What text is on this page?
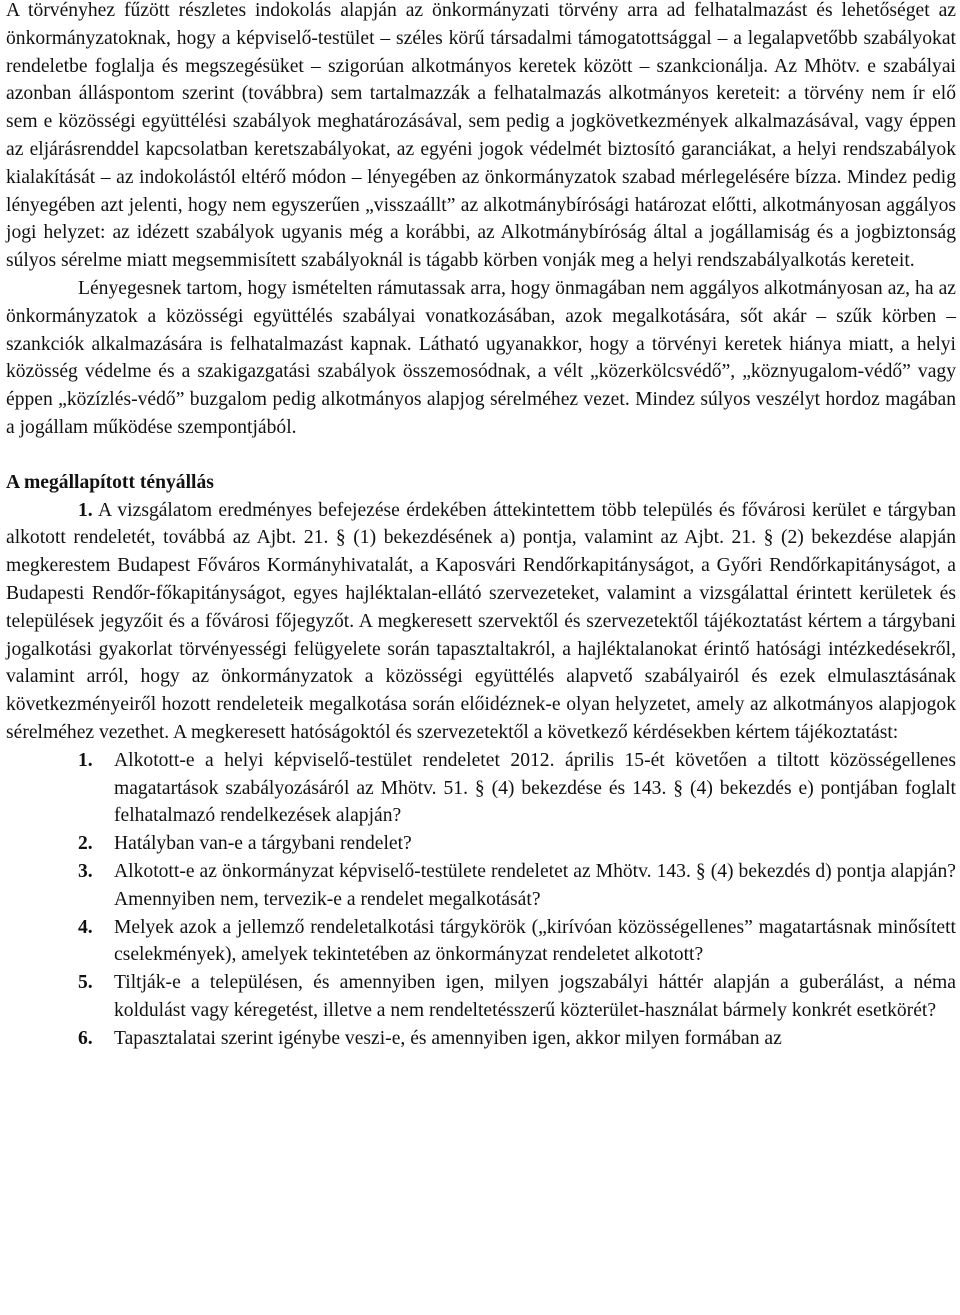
A törvényhez fűzött részletes indokolás alapján az önkormányzati törvény arra ad felhatalmazást és lehetőséget az önkormányzatoknak, hogy a képviselő-testület – széles körű társadalmi támogatottsággal – a legalapvetőbb szabályokat rendeletbe foglalja és megszegésüket – szigorúan alkotmányos keretek között – szankcionálja. Az Mhötv. e szabályai azonban álláspontom szerint (továbbra) sem tartalmazzák a felhatalmazás alkotmányos kereteit: a törvény nem ír elő sem e közösségi együttélési szabályok meghatározásával, sem pedig a jogkövetkezmények alkalmazásával, vagy éppen az eljárásrenddel kapcsolatban keretszabályokat, az egyéni jogok védelmét biztosító garanciákat, a helyi rendszabályok kialakítását – az indokolástól eltérő módon – lényegében az önkormányzatok szabad mérlegelésére bízza. Mindez pedig lényegében azt jelenti, hogy nem egyszerűen „visszaállt” az alkotmánybírósági határozat előtti, alkotmányosan aggályos jogi helyzet: az idézett szabályok ugyanis még a korábbi, az Alkotmánybíróság által a jogállamiság és a jogbiztonság súlyos sérelme miatt megsemmisített szabályoknál is tágabb körben vonják meg a helyi rendszabályalkotás kereteit.

Lényegesnek tartom, hogy ismételten rámutassak arra, hogy önmagában nem aggályos alkotmányosan az, ha az önkormányzatok a közösségi együttélés szabályai vonatkozásában, azok megalkotására, sőt akár – szűk körben – szankciók alkalmazására is felhatalmazást kapnak. Látható ugyanakkor, hogy a törvényi keretek hiánya miatt, a helyi közösség védelme és a szakigazgatási szabályok összemosódnak, a vélt „közerkölcsvédő”, „köznyugalom-védő” vagy éppen „közízlés-védő” buzgalom pedig alkotmányos alapjog sérelméhez vezet. Mindez súlyos veszélyt hordoz magában a jogállam működése szempontjából.

A megállapított tényállás

1. A vizsgálatom eredményes befejezése érdekében áttekintettem több település és fővárosi kerület e tárgyban alkotott rendeletét, továbbá az Ajbt. 21. § (1) bekezdésének a) pontja, valamint az Ajbt. 21. § (2) bekezdése alapján megkerestem Budapest Főváros Kormányhivatalát, a Kaposvári Rendőrkapitányságot, a Győri Rendőrkapitányságot, a Budapesti Rendőr-főkapitányságot, egyes hajléktalan-ellátó szervezeteket, valamint a vizsgálattal érintett kerületek és települések jegyzőit és a fővárosi főjegyzőt. A megkeresett szervektől és szervezetektől tájékoztatást kértem a tárgybani jogalkotási gyakorlat törvényességi felügyelete során tapasztaltakról, a hajléktalanokat érintő hatósági intézkedésekről, valamint arról, hogy az önkormányzatok a közösségi együttélés alapvető szabályairól és ezek elmulasztásának következményeiről hozott rendeleteik megalkotása során előidéznek-e olyan helyzetet, amely az alkotmányos alapjogok sérelméhez vezethet. A megkeresett hatóságoktól és szervezetektől a következő kérdésekben kértem tájékoztatást:

1. Alkotott-e a helyi képviselő-testület rendeletet 2012. április 15-ét követően a tiltott közösségellenes magatartások szabályozásáról az Mhötv. 51. § (4) bekezdése és 143. § (4) bekezdés e) pontjában foglalt felhatalmazó rendelkezések alapján?
2. Hatályban van-e a tárgybani rendelet?
3. Alkotott-e az önkormányzat képviselő-testülete rendeletet az Mhötv. 143. § (4) bekezdés d) pontja alapján? Amennyiben nem, tervezik-e a rendelet megalkotását?
4. Melyek azok a jellemző rendeletalkotási tárgykörök („kirívóan közösségellenes” magatartásnak minősített cselekmények), amelyek tekintetében az önkormányzat rendeletet alkotott?
5. Tiltják-e a településen, és amennyiben igen, milyen jogszabályi háttér alapján a guberálást, a néma koldulást vagy kéregetést, illetve a nem rendeltetésszerű közterület-használat bármely konkrét esetkörét?
6. Tapasztalatai szerint igénybe veszi-e, és amennyiben igen, akkor milyen formában az
